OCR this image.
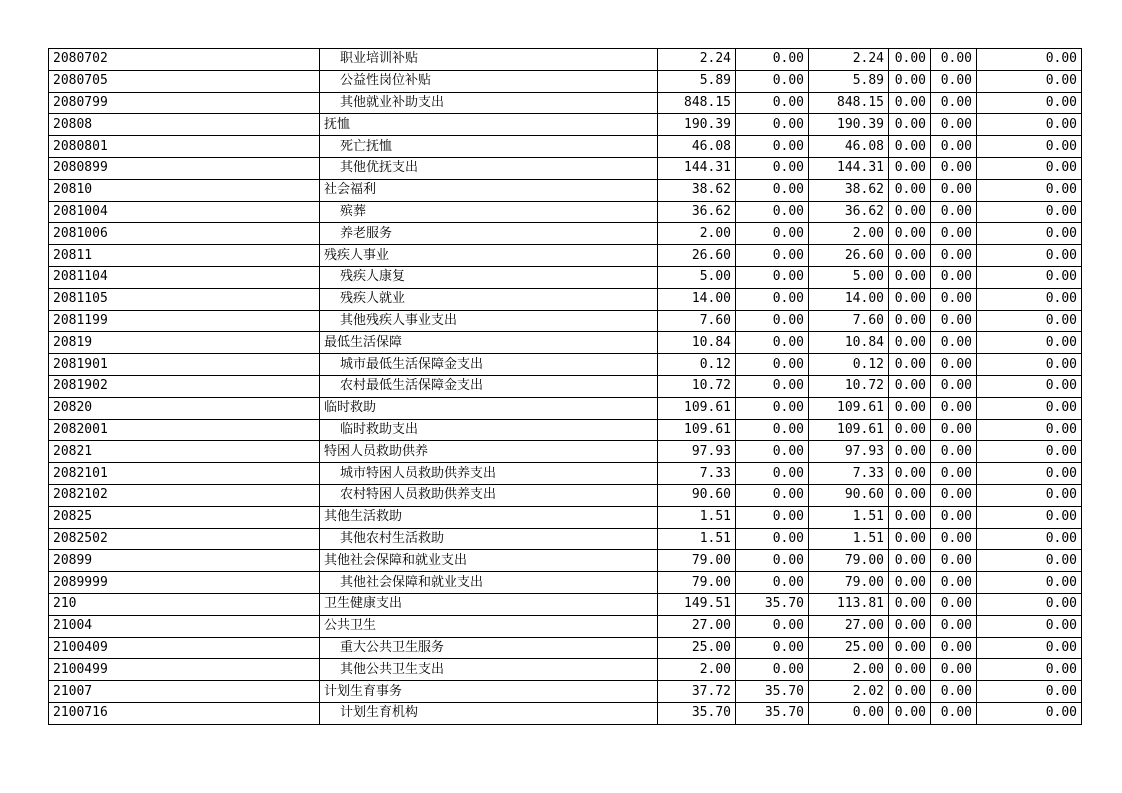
2080702	职业培训补贴	2.24	0.00	2.24	0.00	0.00	0.00
2080705	公益性岗位补贴	5.89	0.00	5.89	0.00	0.00	0.00
2080799	其他就业补助支出	848.15	0.00	848.15	0.00	0.00	0.00
20808	抚恤	190.39	0.00	190.39	0.00	0.00	0.00
2080801	死亡抚恤	46.08	0.00	46.08	0.00	0.00	0.00
2080899	其他优抚支出	144.31	0.00	144.31	0.00	0.00	0.00
20810	社会福利	38.62	0.00	38.62	0.00	0.00	0.00
2081004	殡葬	36.62	0.00	36.62	0.00	0.00	0.00
2081006	养老服务	2.00	0.00	2.00	0.00	0.00	0.00
20811	残疾人事业	26.60	0.00	26.60	0.00	0.00	0.00
2081104	残疾人康复	5.00	0.00	5.00	0.00	0.00	0.00
2081105	残疾人就业	14.00	0.00	14.00	0.00	0.00	0.00
2081199	其他残疾人事业支出	7.60	0.00	7.60	0.00	0.00	0.00
20819	最低生活保障	10.84	0.00	10.84	0.00	0.00	0.00
2081901	城市最低生活保障金支出	0.12	0.00	0.12	0.00	0.00	0.00
2081902	农村最低生活保障金支出	10.72	0.00	10.72	0.00	0.00	0.00
20820	临时救助	109.61	0.00	109.61	0.00	0.00	0.00
2082001	临时救助支出	109.61	0.00	109.61	0.00	0.00	0.00
20821	特困人员救助供养	97.93	0.00	97.93	0.00	0.00	0.00
2082101	城市特困人员救助供养支出	7.33	0.00	7.33	0.00	0.00	0.00
2082102	农村特困人员救助供养支出	90.60	0.00	90.60	0.00	0.00	0.00
20825	其他生活救助	1.51	0.00	1.51	0.00	0.00	0.00
2082502	其他农村生活救助	1.51	0.00	1.51	0.00	0.00	0.00
20899	其他社会保障和就业支出	79.00	0.00	79.00	0.00	0.00	0.00
2089999	其他社会保障和就业支出	79.00	0.00	79.00	0.00	0.00	0.00
210	卫生健康支出	149.51	35.70	113.81	0.00	0.00	0.00
21004	公共卫生	27.00	0.00	27.00	0.00	0.00	0.00
2100409	重大公共卫生服务	25.00	0.00	25.00	0.00	0.00	0.00
2100499	其他公共卫生支出	2.00	0.00	2.00	0.00	0.00	0.00
21007	计划生育事务	37.72	35.70	2.02	0.00	0.00	0.00
2100716	计划生育机构	35.70	35.70	0.00	0.00	0.00	0.00
